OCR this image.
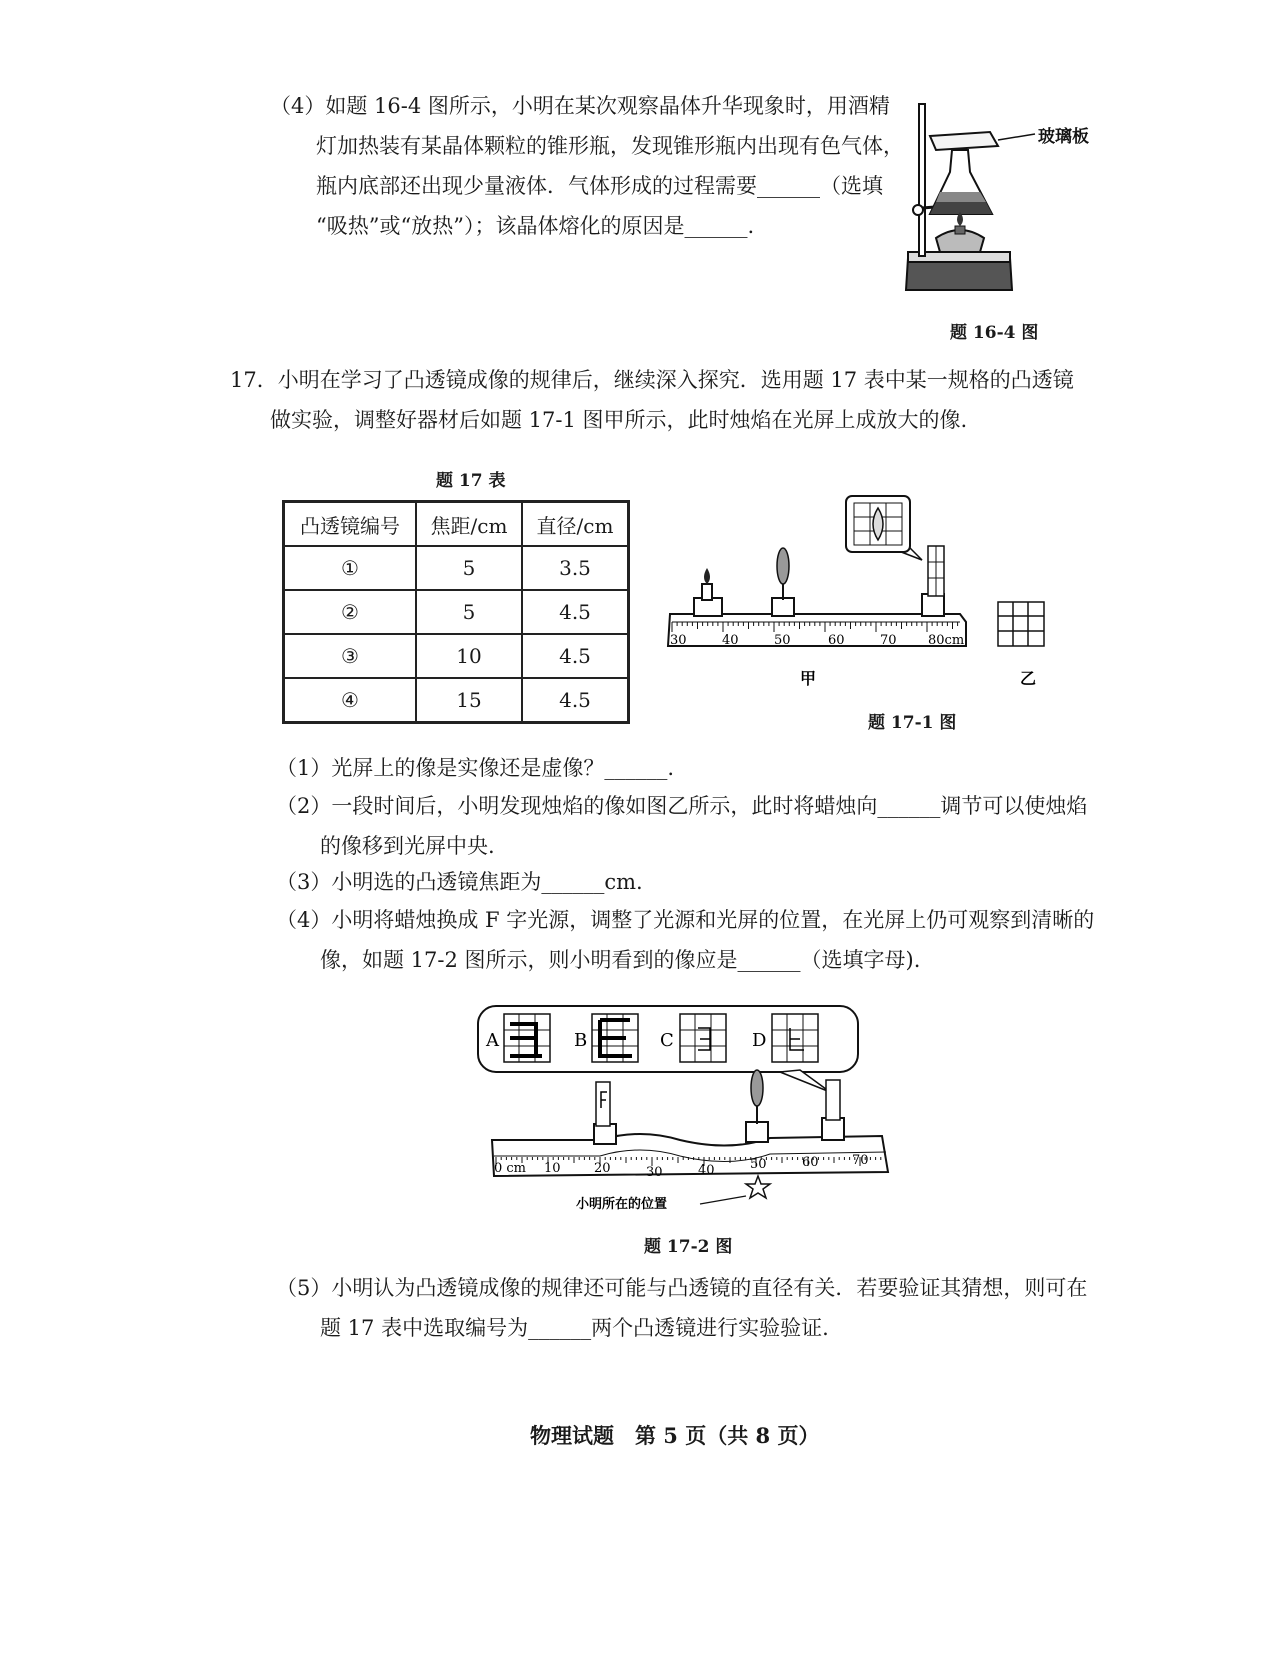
（4）如题 16-4 图所示，小明在某次观察晶体升华现象时，用酒精
灯加热装有某晶体颗粒的锥形瓶，发现锥形瓶内出现有色气体，
瓶内底部还出现少量液体．气体形成的过程需要______（选填
“吸热”或“放热”）；该晶体熔化的原因是______.
玻璃板
题 16-4 图
17．小明在学习了凸透镜成像的规律后，继续深入探究．选用题 17 表中某一规格的凸透镜
做实验，调整好器材后如题 17-1 图甲所示，此时烛焰在光屏上成放大的像.
题 17 表
凸透镜编号	焦距/cm	直径/cm
①	5	3.5
②	5	4.5
③	10	4.5
④	15	4.5
30	40	50	60	70 80cm
甲	乙
题 17-1 图
（1）光屏上的像是实像还是虚像？______.
（2）一段时间后，小明发现烛焰的像如图乙所示，此时将蜡烛向______调节可以使烛焰
的像移到光屏中央.
（3）小明选的凸透镜焦距为______cm.
（4）小明将蜡烛换成 F 字光源，调整了光源和光屏的位置，在光屏上仍可观察到清晰的
像，如题 17-2 图所示，则小明看到的像应是______（选填字母).
A	B	C	D
小明所在的位置
0 cm 10	20	30	40	50	60	70
题 17-2 图
（5）小明认为凸透镜成像的规律还可能与凸透镜的直径有关．若要验证其猜想，则可在
题 17 表中选取编号为______两个凸透镜进行实验验证.
物理试题　第 5 页（共 8 页）
